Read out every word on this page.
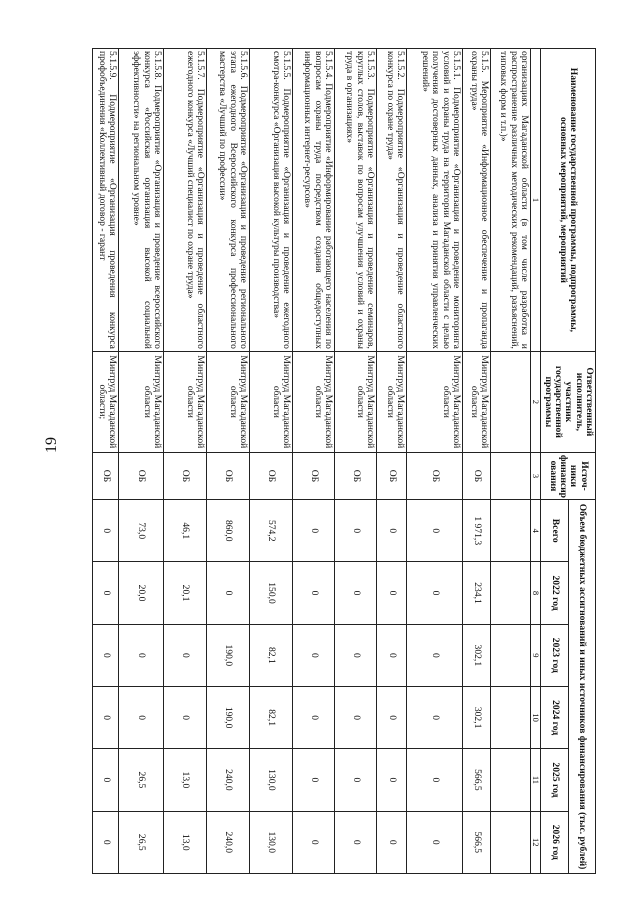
19
Наименование государственной программы, подпрограммы, основных мероприятий, мероприятий	Ответственный исполнитель, участник государственной программы	Источ-ники финансир ования	Объем бюджетных ассигнований и иных источников финансирования (тыс. рублей)					
			Всего	2022 год	2023 год	2024 год	2025 год	2026 год
1	2	3	4	8	9	10	11	12
организациях Магаданской области (в том числе разработка и распространение различных методических рекомендаций, разъяснений, типовых форм и т.п.)»								
5.1.5. Мероприятие «Информационное обеспечение и пропаганда охраны труда»	Минтруд Магаданской области	ОБ	1 971,3	234,1	302,1	302,1	566,5	566,5
5.1.5.1. Подмероприятие «Организация и проведение мониторинга условий и охраны труда на территории Магаданской области с целью получения достоверных данных, анализа и принятия управленческих решений»	Минтруд Магаданской области	ОБ	0	0	0	0	0	0
5.1.5.2. Подмероприятие «Организация и проведение областного конкурса по охране труда»	Минтруд Магаданской области	ОБ	0	0	0	0	0	0
5.1.5.3. Подмероприятие «Организация и проведение семинаров, круглых столов, выставок по вопросам улучшения условий и охраны труда в организациях»	Минтруд Магаданской области	ОБ	0	0	0	0	0	0
5.1.5.4. Подмероприятие «Информирование работающего населения по вопросам охраны труда посредством создания общедоступных информационных интернет-ресурсов»	Минтруд Магаданской области	ОБ	0	0	0	0	0	0
5.1.5.5. Подмероприятие «Организация и проведение ежегодного смотра-конкурса «Организация высокой культуры производства»	Минтруд Магаданской области	ОБ	574,2	150,0	82,1	82,1	130,0	130,0
5.1.5.6. Подмероприятие «Организация и проведение регионального этапа ежегодного Всероссийского конкурса профессионального мастерства «Лучший по профессии»	Минтруд Магаданской области	ОБ	860,0	0	190,0	190,0	240,0	240,0
5.1.5.7. Подмероприятие «Организация и проведение областного ежегодного конкурса «Лучший специалист по охране труда»	Минтруд Магаданской области	ОБ	46,1	20,1	0	0	13,0	13,0
5.1.5.8. Подмероприятие «Организация и проведение всероссийского конкурса «Российская организация высокой социальной эффективности» на региональном уровне»	Минтруд Магаданской области	ОБ	73,0	20,0	0	0	26,5	26,5
5.1.5.9. Подмероприятие «Организация проведения конкурса профобъединения «Коллективный договор - гарант	Минтруд Магаданской области;	ОБ	0	0	0	0	0	0
